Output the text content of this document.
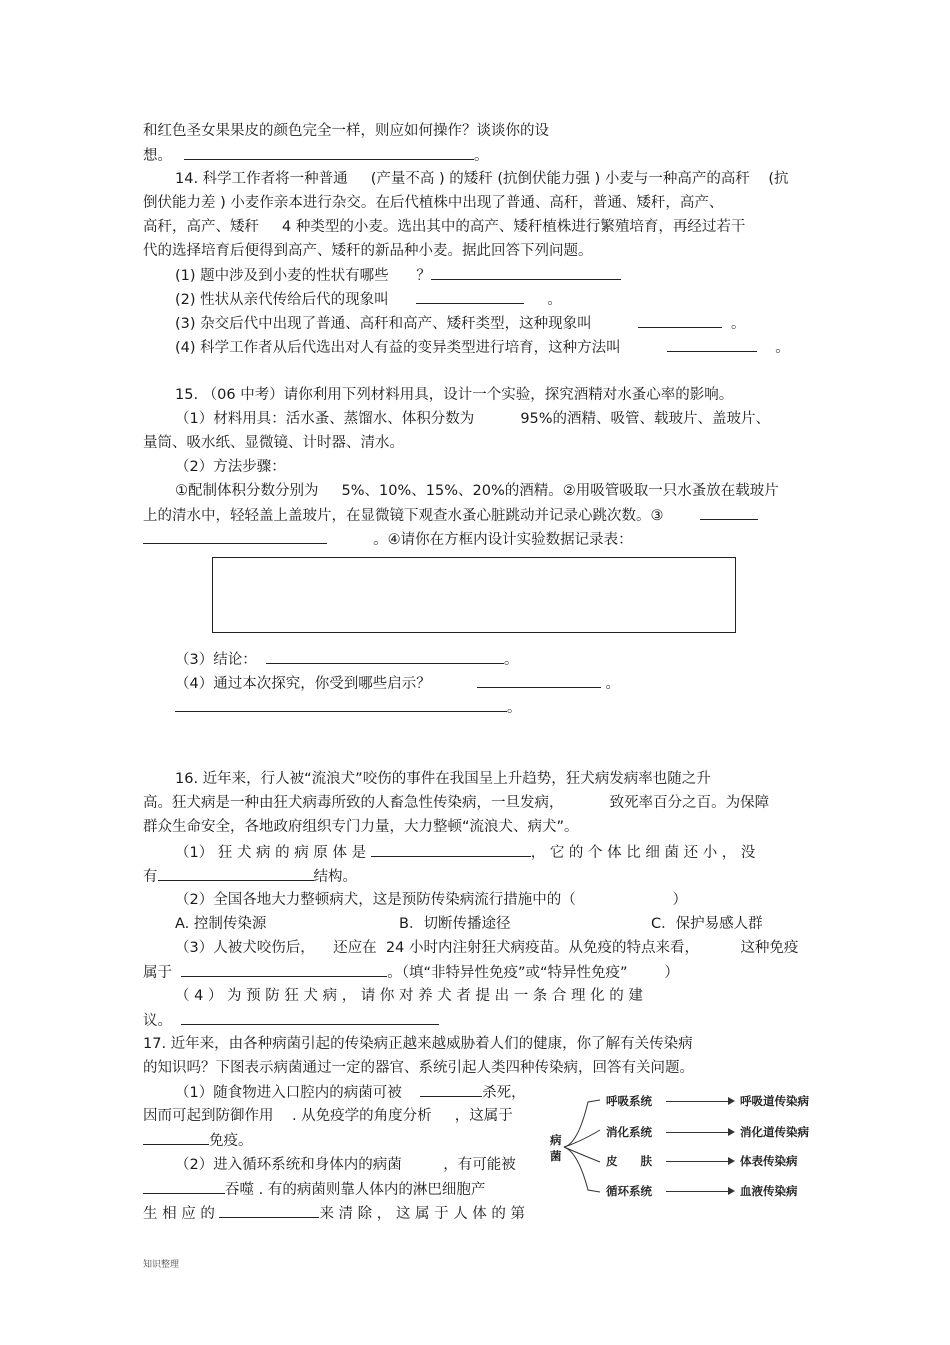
和红色圣女果果皮的颜色完全一样，则应如何操作？谈谈你的设
想。	。
14. 科学工作者将一种普通 (产量不高 ) 的矮秆 (抗倒伏能力强 ) 小麦与一种高产的高秆 (抗
倒伏能力差 ) 小麦作亲本进行杂交。在后代植株中出现了普通、高秆，普通、矮秆，高产、
高秆，高产、矮秆 4 种类型的小麦。选出其中的高产、矮秆植株进行繁殖培育，再经过若干
代的选择培育后便得到高产、矮秆的新品种小麦。据此回答下列问题。
(1) 题中涉及到小麦的性状有哪些 ？
(2) 性状从亲代传给后代的现象叫	。
(3) 杂交后代中出现了普通、高秆和高产、矮秆类型，这种现象叫	。
(4) 科学工作者从后代选出对人有益的变异类型进行培育，这种方法叫	。
15. （06 中考）请你利用下列材料用具，设计一个实验，探究酒精对水蚤心率的影响。
（1）材料用具：活水蚤、蒸馏水、体积分数为	95%的酒精、吸管、载玻片、盖玻片、
量筒、吸水纸、显微镜、计时器、清水。
（2）方法步骤：
①配制体积分数分别为 5%、10%、15%、20%的酒精。②用吸管吸取一只水蚤放在载玻片
上的清水中，轻轻盖上盖玻片，在显微镜下观查水蚤心脏跳动并记录心跳次数。③
。④请你在方框内设计实验数据记录表：
（3）结论：	。
（4）通过本次探究，你受到哪些启示？	。
。
16. 近年来，行人被“流浪犬”咬伤的事件在我国呈上升趋势，狂犬病发病率也随之升
高。狂犬病是一种由狂犬病毒所致的人畜急性传染病，一旦发病，	致死率百分之百。为保障
群众生命安全，各地政府组织专门力量，大力整顿“流浪犬、病犬”。
（1） 狂 犬 病 的 病 原 体 是	， 它 的 个 体 比 细 菌 还 小 ， 没
有	结构。
（2）全国各地大力整顿病犬，这是预防传染病流行措施中的（	）
A. 控制传染源	B．切断传播途径	C．保护易感人群
（3）人被犬咬伤后， 还应在  24 小时内注射狂犬病疫苗。从免疫的特点来看，	这种免疫
属于	。（填“非特异性免疫”或“特异性免疫”	）
（ 4 ） 为 预 防 狂 犬 病 ， 请 你 对 养 犬 者 提 出 一 条 合 理 化 的 建
议。
17. 近年来，由各种病菌引起的传染病正越来越威胁着人们的健康，你了解有关传染病
的知识吗？下图表示病菌通过一定的器官、系统引起人类四种传染病，回答有关问题。
（1）随食物进入口腔内的病菌可被	杀死，
因而可起到防御作用 . 从免疫学的角度分析 ，这属于
免疫。
（2）进入循环系统和身体内的病菌	，有可能被
吞噬 . 有的病菌则靠人体内的淋巴细胞产
生 相 应 的	来 清 除 ， 这 属 于 人 体 的 第
病菌
呼吸系统	呼吸道传染病
消化系统	消化道传染病
皮　　肤	体表传染病
循环系统	血液传染病
知识整理
